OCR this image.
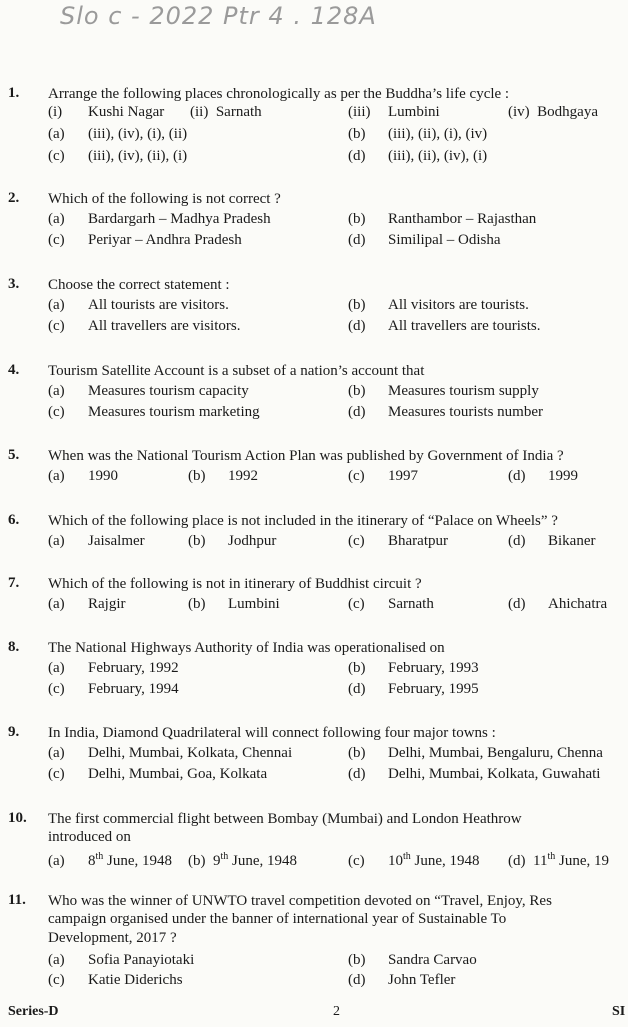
Slo c - 2022 Ptr 4 . 128A
1. Arrange the following places chronologically as per the Buddha’s life cycle :
(i) Kushi Nagar (ii) Sarnath	(iii) Lumbini	(iv) Bodhgaya
(a) (iii), (iv), (i), (ii)	(b) (iii), (ii), (i), (iv)
(c) (iii), (iv), (ii), (i)	(d) (iii), (ii), (iv), (i)
2. Which of the following is not correct ?
(a) Bardargarh – Madhya Pradesh	(b) Ranthambor – Rajasthan
(c) Periyar – Andhra Pradesh	(d) Similipal – Odisha
3. Choose the correct statement :
(a) All tourists are visitors.	(b) All visitors are tourists.
(c) All travellers are visitors.	(d) All travellers are tourists.
4. Tourism Satellite Account is a subset of a nation’s account that
(a) Measures tourism capacity	(b) Measures tourism supply
(c) Measures tourism marketing	(d) Measures tourists number
5. When was the National Tourism Action Plan was published by Government of India ?
(a) 1990	(b) 1992	(c) 1997	(d) 1999
6. Which of the following place is not included in the itinerary of “Palace on Wheels” ?
(a) Jaisalmer	(b) Jodhpur	(c) Bharatpur	(d) Bikaner
7. Which of the following is not in itinerary of Buddhist circuit ?
(a) Rajgir	(b) Lumbini	(c) Sarnath	(d) Ahichatra
8. The National Highways Authority of India was operationalised on
(a) February, 1992	(b) February, 1993
(c) February, 1994	(d) February, 1995
9. In India, Diamond Quadrilateral will connect following four major towns :
(a) Delhi, Mumbai, Kolkata, Chennai	(b) Delhi, Mumbai, Bengaluru, Chenna
(c) Delhi, Mumbai, Goa, Kolkata	(d) Delhi, Mumbai, Kolkata, Guwahati
10. The first commercial flight between Bombay (Mumbai) and London Heathrow
introduced on
(a) 8th June, 1948 (b) 9th June, 1948	(c) 10th June, 1948 (d) 11th June, 19
11. Who was the winner of UNWTO travel competition devoted on “Travel, Enjoy, Res
campaign organised under the banner of international year of Sustainable To
Development, 2017 ?
(a) Sofia Panayiotaki	(b) Sandra Carvao
(c) Katie Diderichs	(d) John Tefler
Series-D	2	SI
